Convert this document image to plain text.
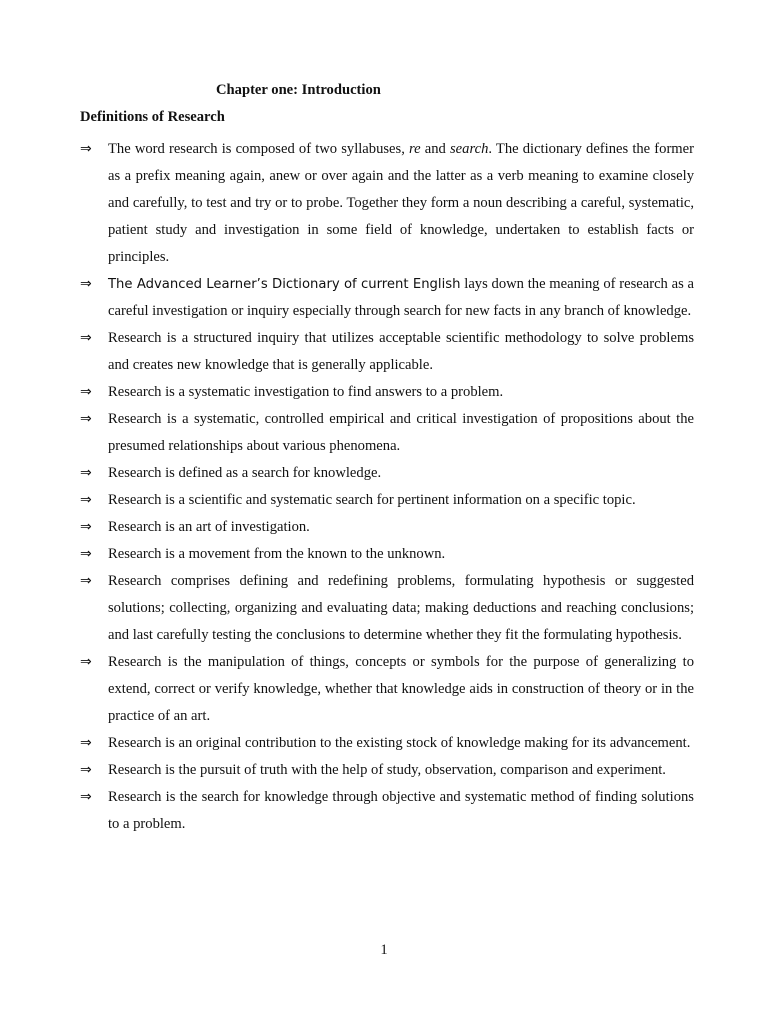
Chapter one: Introduction
Definitions of Research
⇒ The word research is composed of two syllabuses, re and search. The dictionary defines the former as a prefix meaning again, anew or over again and the latter as a verb meaning to examine closely and carefully, to test and try or to probe. Together they form a noun describing a careful, systematic, patient study and investigation in some field of knowledge, undertaken to establish facts or principles.
⇒ The Advanced Learner’s Dictionary of current English lays down the meaning of research as a careful investigation or inquiry especially through search for new facts in any branch of knowledge.
⇒ Research is a structured inquiry that utilizes acceptable scientific methodology to solve problems and creates new knowledge that is generally applicable.
⇒ Research is a systematic investigation to find answers to a problem.
⇒ Research is a systematic, controlled empirical and critical investigation of propositions about the presumed relationships about various phenomena.
⇒ Research is defined as a search for knowledge.
⇒ Research is a scientific and systematic search for pertinent information on a specific topic.
⇒ Research is an art of investigation.
⇒ Research is a movement from the known to the unknown.
⇒ Research comprises defining and redefining problems, formulating hypothesis or suggested solutions; collecting, organizing and evaluating data; making deductions and reaching conclusions; and last carefully testing the conclusions to determine whether they fit the formulating hypothesis.
⇒ Research is the manipulation of things, concepts or symbols for the purpose of generalizing to extend, correct or verify knowledge, whether that knowledge aids in construction of theory or in the practice of an art.
⇒ Research is an original contribution to the existing stock of knowledge making for its advancement.
⇒ Research is the pursuit of truth with the help of study, observation, comparison and experiment.
⇒ Research is the search for knowledge through objective and systematic method of finding solutions to a problem.
1
